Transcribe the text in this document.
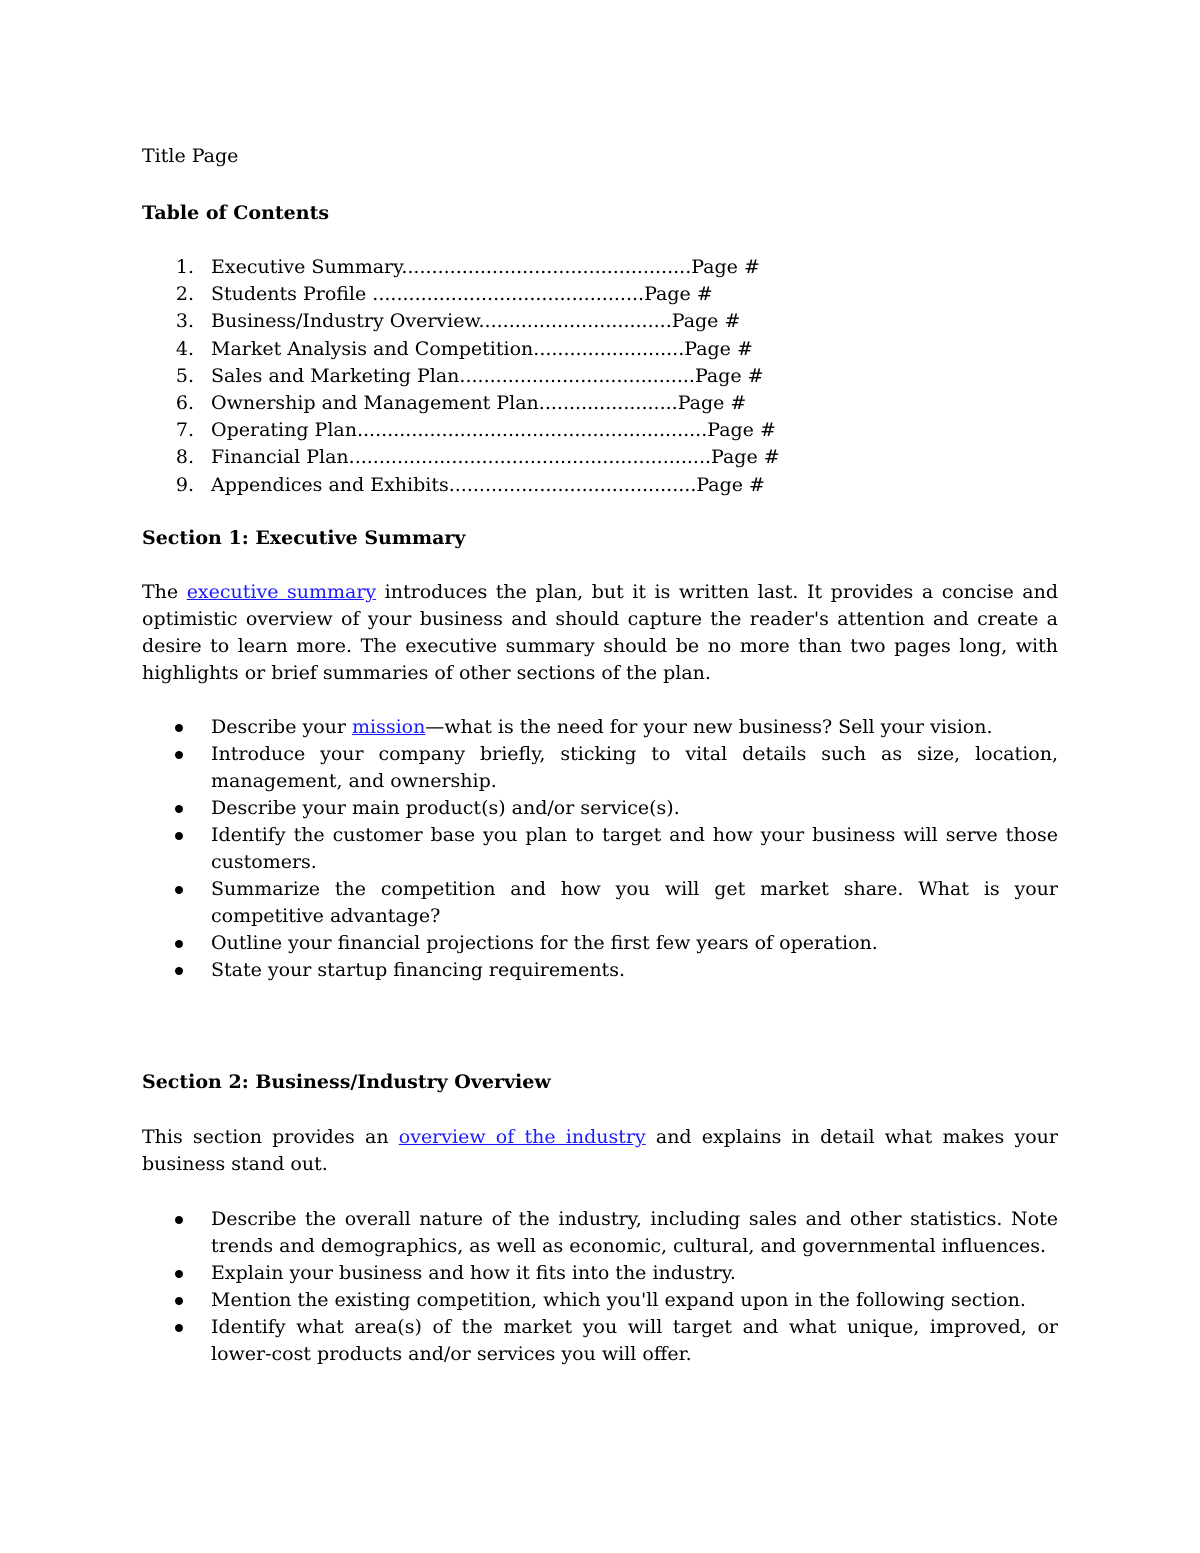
Title Page
Table of Contents
1. Executive Summary................................................Page #
2. Students Profile .............................................Page #
3. Business/Industry Overview................................Page #
4. Market Analysis and Competition.........................Page #
5. Sales and Marketing Plan.......................................Page #
6. Ownership and Management Plan.......................Page #
7. Operating Plan..........................................................Page #
8. Financial Plan............................................................Page #
9. Appendices and Exhibits.........................................Page #
Section 1: Executive Summary

The executive summary introduces the plan, but it is written last. It provides a concise and optimistic overview of your business and should capture the reader's attention and create a desire to learn more. The executive summary should be no more than two pages long, with highlights or brief summaries of other sections of the plan.

Describe your mission—what is the need for your new business? Sell your vision.
Introduce your company briefly, sticking to vital details such as size, location, management, and ownership.
Describe your main product(s) and/or service(s).
Identify the customer base you plan to target and how your business will serve those customers.
Summarize the competition and how you will get market share. What is your competitive advantage?
Outline your financial projections for the first few years of operation.
State your startup financing requirements.
Section 2: Business/Industry Overview

This section provides an overview of the industry and explains in detail what makes your business stand out.

Describe the overall nature of the industry, including sales and other statistics. Note trends and demographics, as well as economic, cultural, and governmental influences.
Explain your business and how it fits into the industry.
Mention the existing competition, which you'll expand upon in the following section.
Identify what area(s) of the market you will target and what unique, improved, or lower-cost products and/or services you will offer.
